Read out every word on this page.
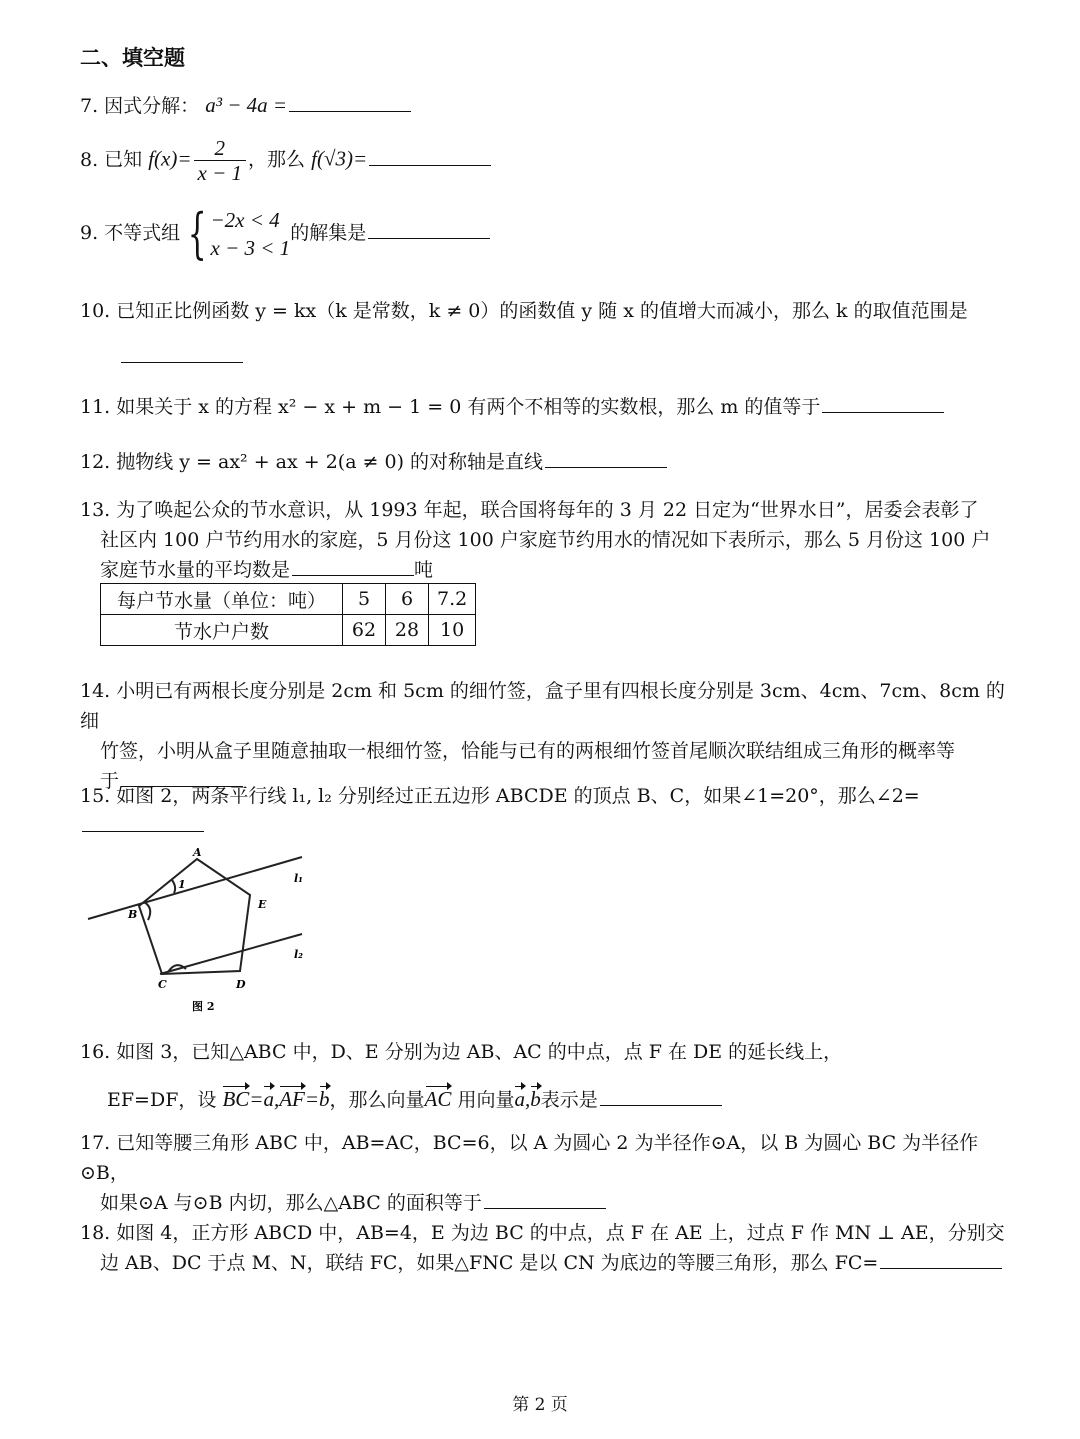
二、填空题
7. 因式分解： a³ − 4a =
8. 已知 $f(x)= \frac{2}{x - 1}$ ，那么 f(√3)=
9. 不等式组 { −2x < 4
x − 3 < 1
的解集是
10. 已知正比例函数 y = kx（k 是常数，k ≠ 0）的函数值 y 随 x 的值增大而减小，那么 k 的取值范围是
11. 如果关于 x 的方程 x² − x + m − 1 = 0 有两个不相等的实数根，那么 m 的值等于
12. 抛物线 y = ax² + ax + 2(a ≠ 0) 的对称轴是直线
13. 为了唤起公众的节水意识，从 1993 年起，联合国将每年的 3 月 22 日定为“世界水日”，居委会表彰了
社区内 100 户节约用水的家庭，5 月份这 100 户家庭节约用水的情况如下表所示，那么 5 月份这 100 户
家庭节水量的平均数是	吨
每户节水量（单位：吨）	5	6	7.2
节水户户数	62	28	10
14. 小明已有两根长度分别是 2cm 和 5cm 的细竹签，盒子里有四根长度分别是 3cm、4cm、7cm、8cm 的细
竹签，小明从盒子里随意抽取一根细竹签，恰能与已有的两根细竹签首尾顺次联结组成三角形的概率等
于
15. 如图 2，两条平行线 l₁, l₂ 分别经过正五边形 ABCDE 的顶点 B、C，如果∠1=20°，那么∠2=
A
B
C	D
E
1	l₁
l₂
图 2
16. 如图 3，已知△ABC 中，D、E 分别为边 AB、AC 的中点，点 F 在 DE 的延长线上，
EF=DF，设 BC=a,AF=b，那么向量AC 用向量a,b表示是
17. 已知等腰三角形 ABC 中，AB=AC，BC=6，以 A 为圆心 2 为半径作⊙A，以 B 为圆心 BC 为半径作⊙B，
如果⊙A 与⊙B 内切，那么△ABC 的面积等于
18. 如图 4，正方形 ABCD 中，AB=4，E 为边 BC 的中点，点 F 在 AE 上，过点 F 作 MN ⊥ AE，分别交
边 AB、DC 于点 M、N，联结 FC，如果△FNC 是以 CN 为底边的等腰三角形，那么 FC=
第 2 页
